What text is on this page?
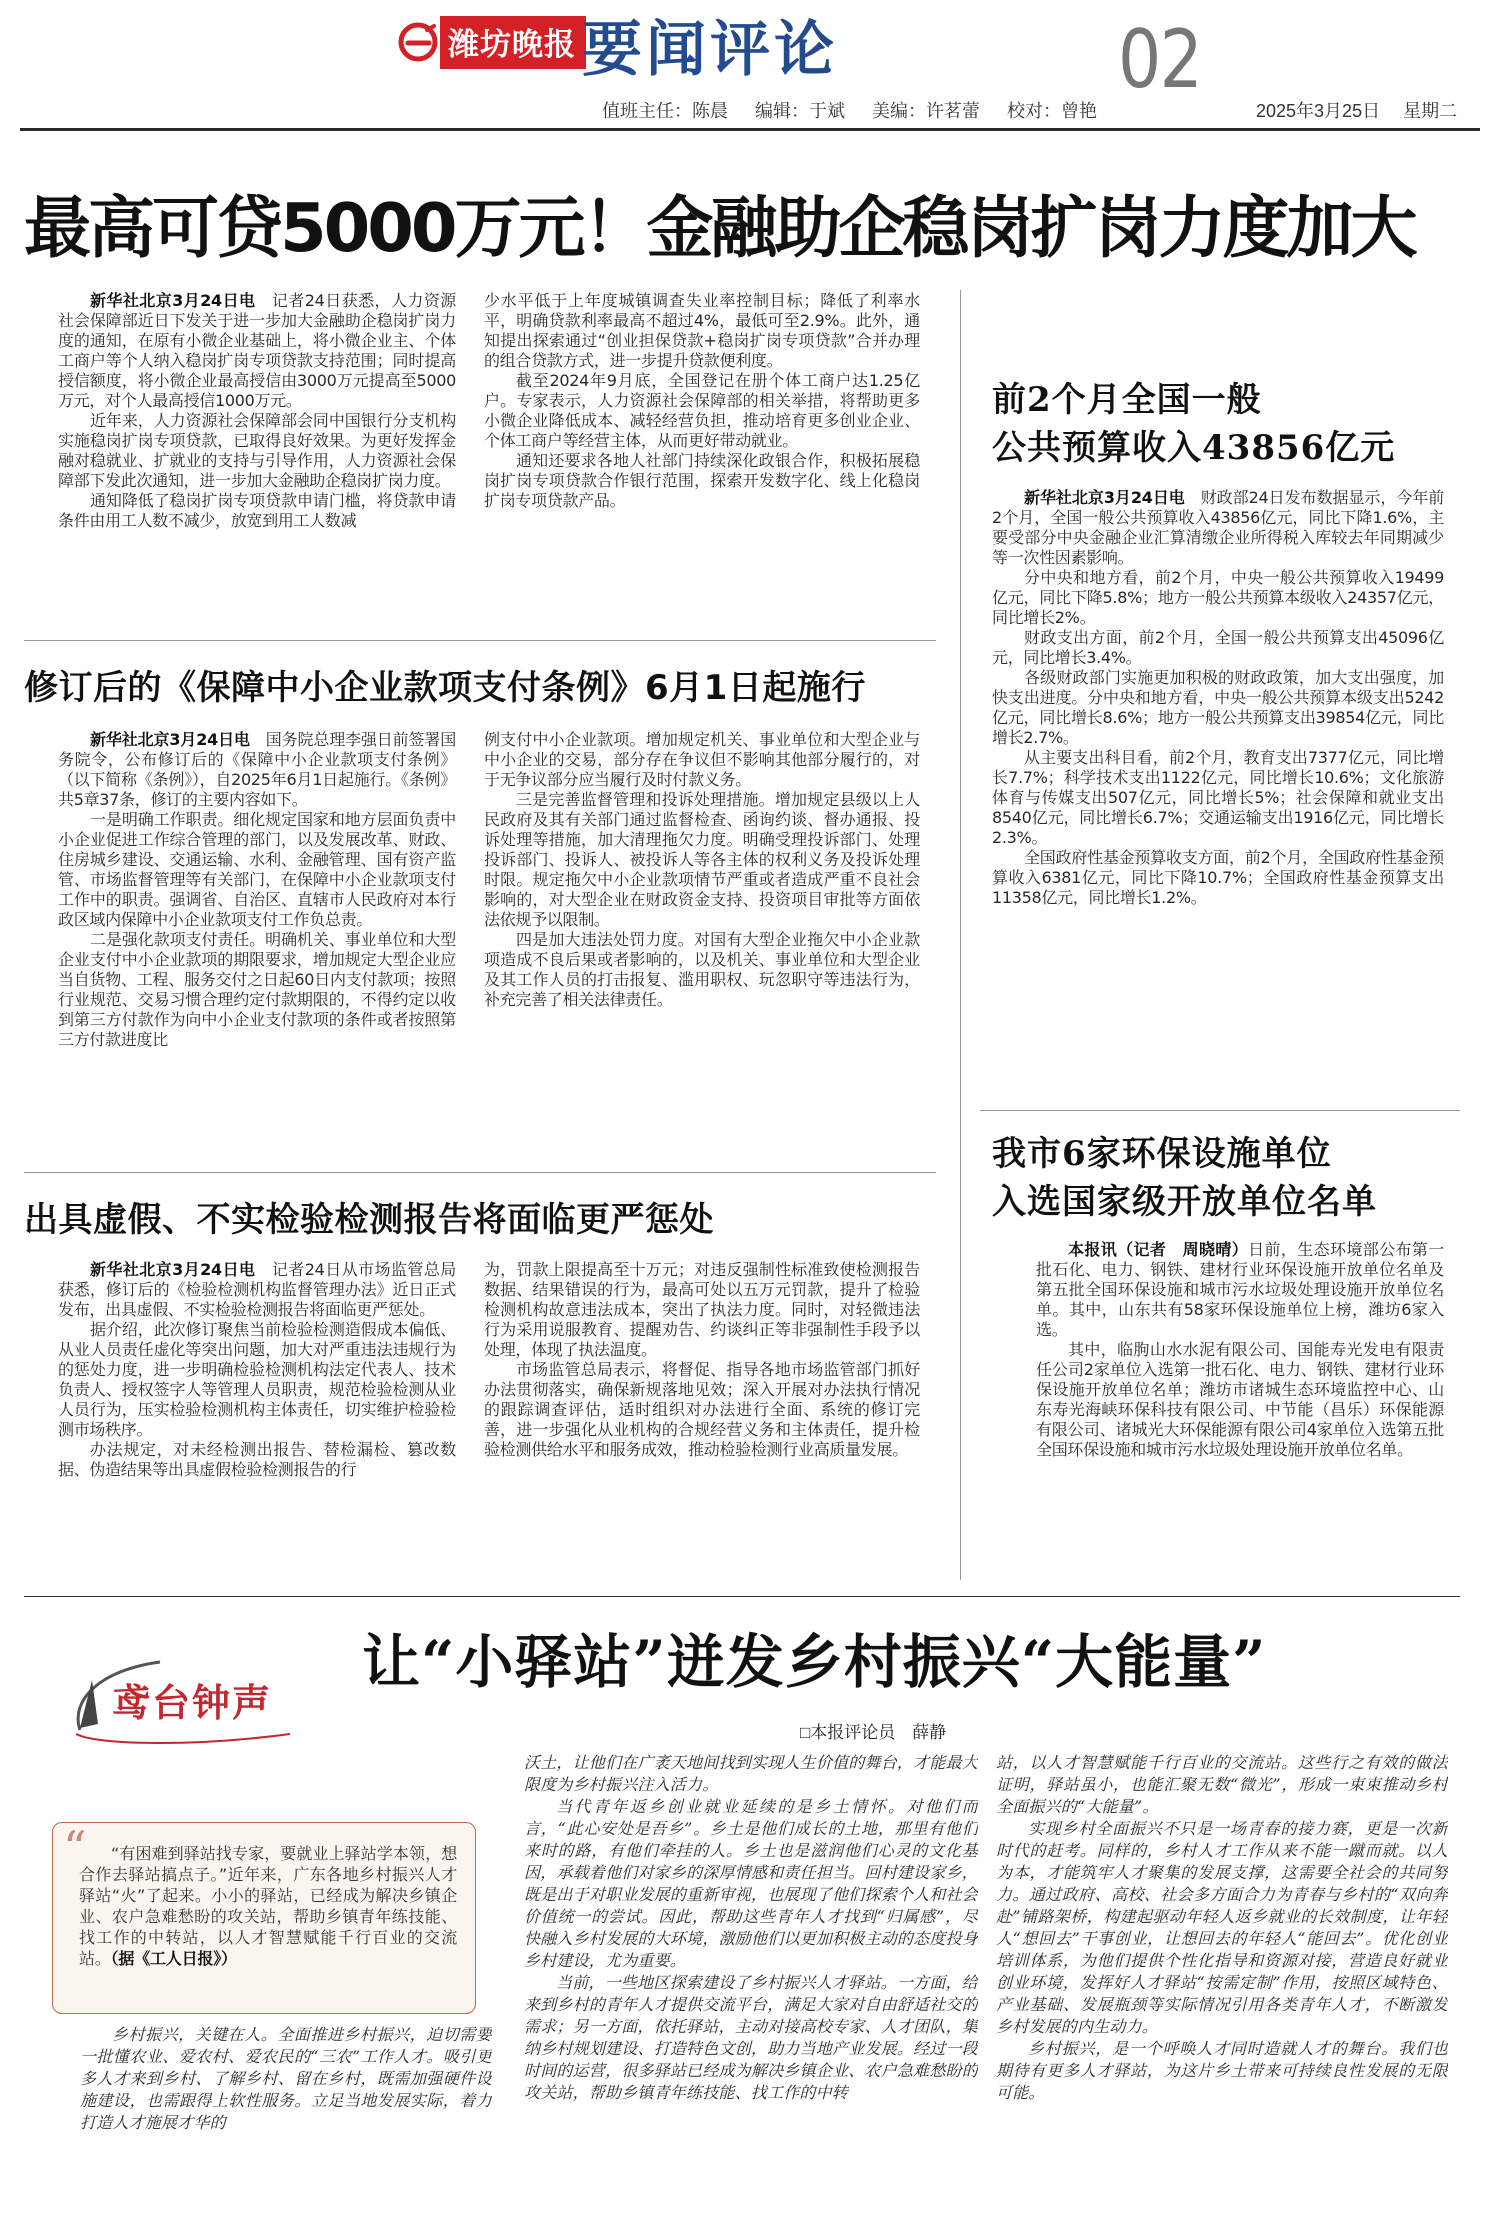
潍坊晚报 要闻评论	02
值班主任：陈晨 编辑：于斌 美编：许茗蕾 校对：曾艳	2025年3月25日 星期二
最高可贷5000万元！金融助企稳岗扩岗力度加大

新华社北京3月24日电　 记者24日获悉，人力资源社会保障部近日下发关于进一步加大金融助企稳岗扩岗力度的通知，在原有小微企业基础上，将小微企业主、个体工商户等个人纳入稳岗扩岗专项贷款支持范围；同时提高授信额度，将小微企业最高授信由3000万元提高至5000万元，对个人最高授信1000万元。

近年来，人力资源社会保障部会同中国银行分支机构实施稳岗扩岗专项贷款，已取得良好效果。为更好发挥金融对稳就业、扩就业的支持与引导作用，人力资源社会保障部下发此次通知，进一步加大金融助企稳岗扩岗力度。

通知降低了稳岗扩岗专项贷款申请门槛，将贷款申请条件由用工人数不减少，放宽到用工人数减

少水平低于上年度城镇调查失业率控制目标；降低了利率水平，明确贷款利率最高不超过4%，最低可至2.9%。此外，通知提出探索通过“创业担保贷款+稳岗扩岗专项贷款”合并办理的组合贷款方式，进一步提升贷款便利度。

截至2024年9月底，全国登记在册个体工商户达1.25亿户。专家表示，人力资源社会保障部的相关举措，将帮助更多小微企业降低成本、减轻经营负担，推动培育更多创业企业、个体工商户等经营主体，从而更好带动就业。

通知还要求各地人社部门持续深化政银合作，积极拓展稳岗扩岗专项贷款合作银行范围，探索开发数字化、线上化稳岗扩岗专项贷款产品。

修订后的《保障中小企业款项支付条例》6月1日起施行

新华社北京3月24日电　 国务院总理李强日前签署国务院令，公布修订后的《保障中小企业款项支付条例》（以下简称《条例》），自2025年6月1日起施行。《条例》共5章37条，修订的主要内容如下。

一是明确工作职责。细化规定国家和地方层面负责中小企业促进工作综合管理的部门，以及发展改革、财政、住房城乡建设、交通运输、水利、金融管理、国有资产监管、市场监督管理等有关部门，在保障中小企业款项支付工作中的职责。强调省、自治区、直辖市人民政府对本行政区域内保障中小企业款项支付工作负总责。

二是强化款项支付责任。明确机关、事业单位和大型企业支付中小企业款项的期限要求，增加规定大型企业应当自货物、工程、服务交付之日起60日内支付款项；按照行业规范、交易习惯合理约定付款期限的，不得约定以收到第三方付款作为向中小企业支付款项的条件或者按照第三方付款进度比

例支付中小企业款项。增加规定机关、事业单位和大型企业与中小企业的交易，部分存在争议但不影响其他部分履行的，对于无争议部分应当履行及时付款义务。

三是完善监督管理和投诉处理措施。增加规定县级以上人民政府及其有关部门通过监督检查、函询约谈、督办通报、投诉处理等措施，加大清理拖欠力度。明确受理投诉部门、处理投诉部门、投诉人、被投诉人等各主体的权利义务及投诉处理时限。规定拖欠中小企业款项情节严重或者造成严重不良社会影响的，对大型企业在财政资金支持、投资项目审批等方面依法依规予以限制。

四是加大违法处罚力度。对国有大型企业拖欠中小企业款项造成不良后果或者影响的，以及机关、事业单位和大型企业及其工作人员的打击报复、滥用职权、玩忽职守等违法行为，补充完善了相关法律责任。

出具虚假、不实检验检测报告将面临更严惩处

新华社北京3月24日电　 记者24日从市场监管总局获悉，修订后的《检验检测机构监督管理办法》近日正式发布，出具虚假、不实检验检测报告将面临更严惩处。

据介绍，此次修订聚焦当前检验检测造假成本偏低、从业人员责任虚化等突出问题，加大对严重违法违规行为的惩处力度，进一步明确检验检测机构法定代表人、技术负责人、授权签字人等管理人员职责，规范检验检测从业人员行为，压实检验检测机构主体责任，切实维护检验检测市场秩序。

办法规定，对未经检测出报告、替检漏检、篡改数据、伪造结果等出具虚假检验检测报告的行

为，罚款上限提高至十万元；对违反强制性标准致使检测报告数据、结果错误的行为，最高可处以五万元罚款，提升了检验检测机构故意违法成本，突出了执法力度。同时，对轻微违法行为采用说服教育、提醒劝告、约谈纠正等非强制性手段予以处理，体现了执法温度。

市场监管总局表示，将督促、指导各地市场监管部门抓好办法贯彻落实，确保新规落地见效；深入开展对办法执行情况的跟踪调查评估，适时组织对办法进行全面、系统的修订完善，进一步强化从业机构的合规经营义务和主体责任，提升检验检测供给水平和服务成效，推动检验检测行业高质量发展。

前2个月全国一般
公共预算收入43856亿元

新华社北京3月24日电　 财政部24日发布数据显示，今年前2个月，全国一般公共预算收入43856亿元，同比下降1.6%，主要受部分中央金融企业汇算清缴企业所得税入库较去年同期减少等一次性因素影响。

分中央和地方看，前2个月，中央一般公共预算收入19499亿元，同比下降5.8%；地方一般公共预算本级收入24357亿元，同比增长2%。

财政支出方面，前2个月，全国一般公共预算支出45096亿元，同比增长3.4%。

各级财政部门实施更加积极的财政政策，加大支出强度，加快支出进度。分中央和地方看，中央一般公共预算本级支出5242亿元，同比增长8.6%；地方一般公共预算支出39854亿元，同比增长2.7%。

从主要支出科目看，前2个月，教育支出7377亿元，同比增长7.7%；科学技术支出1122亿元，同比增长10.6%；文化旅游体育与传媒支出507亿元，同比增长5%；社会保障和就业支出8540亿元，同比增长6.7%；交通运输支出1916亿元，同比增长2.3%。

全国政府性基金预算收支方面，前2个月，全国政府性基金预算收入6381亿元，同比下降10.7%；全国政府性基金预算支出11358亿元，同比增长1.2%。

我市6家环保设施单位
入选国家级开放单位名单

本报讯（记者　周晓晴）日前，生态环境部公布第一批石化、电力、钢铁、建材行业环保设施开放单位名单及第五批全国环保设施和城市污水垃圾处理设施开放单位名单。其中，山东共有58家环保设施单位上榜，潍坊6家入选。

其中，临朐山水水泥有限公司、国能寿光发电有限责任公司2家单位入选第一批石化、电力、钢铁、建材行业环保设施开放单位名单；潍坊市诸城生态环境监控中心、山东寿光海峡环保科技有限公司、中节能（昌乐）环保能源有限公司、诸城光大环保能源有限公司4家单位入选第五批全国环保设施和城市污水垃圾处理设施开放单位名单。

鸢台钟声
让“小驿站”迸发乡村振兴“大能量”
□本报评论员　薛静
“	“有困难到驿站找专家，要就业上驿站学本领，想合作去驿站搞点子。”近年来，广东各地乡村振兴人才驿站“火”了起来。小小的驿站，已经成为解决乡镇企业、农户急难愁盼的攻关站，帮助乡镇青年练技能、找工作的中转站，以人才智慧赋能千行百业的交流站。（据《工人日报》）

乡村振兴，关键在人。全面推进乡村振兴，迫切需要一批懂农业、爱农村、爱农民的“三农”工作人才。吸引更多人才来到乡村、了解乡村、留在乡村，既需加强硬件设施建设，也需跟得上软性服务。立足当地发展实际，着力打造人才施展才华的

沃土，让他们在广袤天地间找到实现人生价值的舞台，才能最大限度为乡村振兴注入活力。

当代青年返乡创业就业延续的是乡土情怀。对他们而言，“此心安处是吾乡”。乡土是他们成长的土地，那里有他们来时的路，有他们牵挂的人。乡土也是滋润他们心灵的文化基因，承载着他们对家乡的深厚情感和责任担当。回村建设家乡，既是出于对职业发展的重新审视，也展现了他们探索个人和社会价值统一的尝试。因此，帮助这些青年人才找到“归属感”，尽快融入乡村发展的大环境，激励他们以更加积极主动的态度投身乡村建设，尤为重要。

当前，一些地区探索建设了乡村振兴人才驿站。一方面，给来到乡村的青年人才提供交流平台，满足大家对自由舒适社交的需求；另一方面，依托驿站，主动对接高校专家、人才团队，集纳乡村规划建设、打造特色文创，助力当地产业发展。经过一段时间的运营，很多驿站已经成为解决乡镇企业、农户急难愁盼的攻关站，帮助乡镇青年练技能、找工作的中转

站，以人才智慧赋能千行百业的交流站。这些行之有效的做法证明，驿站虽小，也能汇聚无数“微光”，形成一束束推动乡村全面振兴的“大能量”。

实现乡村全面振兴不只是一场青春的接力赛，更是一次新时代的赶考。同样的，乡村人才工作从来不能一蹴而就。以人为本，才能筑牢人才聚集的发展支撑，这需要全社会的共同努力。通过政府、高校、社会多方面合力为青春与乡村的“双向奔赴”铺路架桥，构建起驱动年轻人返乡就业的长效制度，让年轻人“想回去”干事创业，让想回去的年轻人“能回去”。优化创业培训体系，为他们提供个性化指导和资源对接，营造良好就业创业环境，发挥好人才驿站“按需定制”作用，按照区域特色、产业基础、发展瓶颈等实际情况引用各类青年人才，不断激发乡村发展的内生动力。

乡村振兴，是一个呼唤人才同时造就人才的舞台。我们也期待有更多人才驿站，为这片乡土带来可持续良性发展的无限可能。
